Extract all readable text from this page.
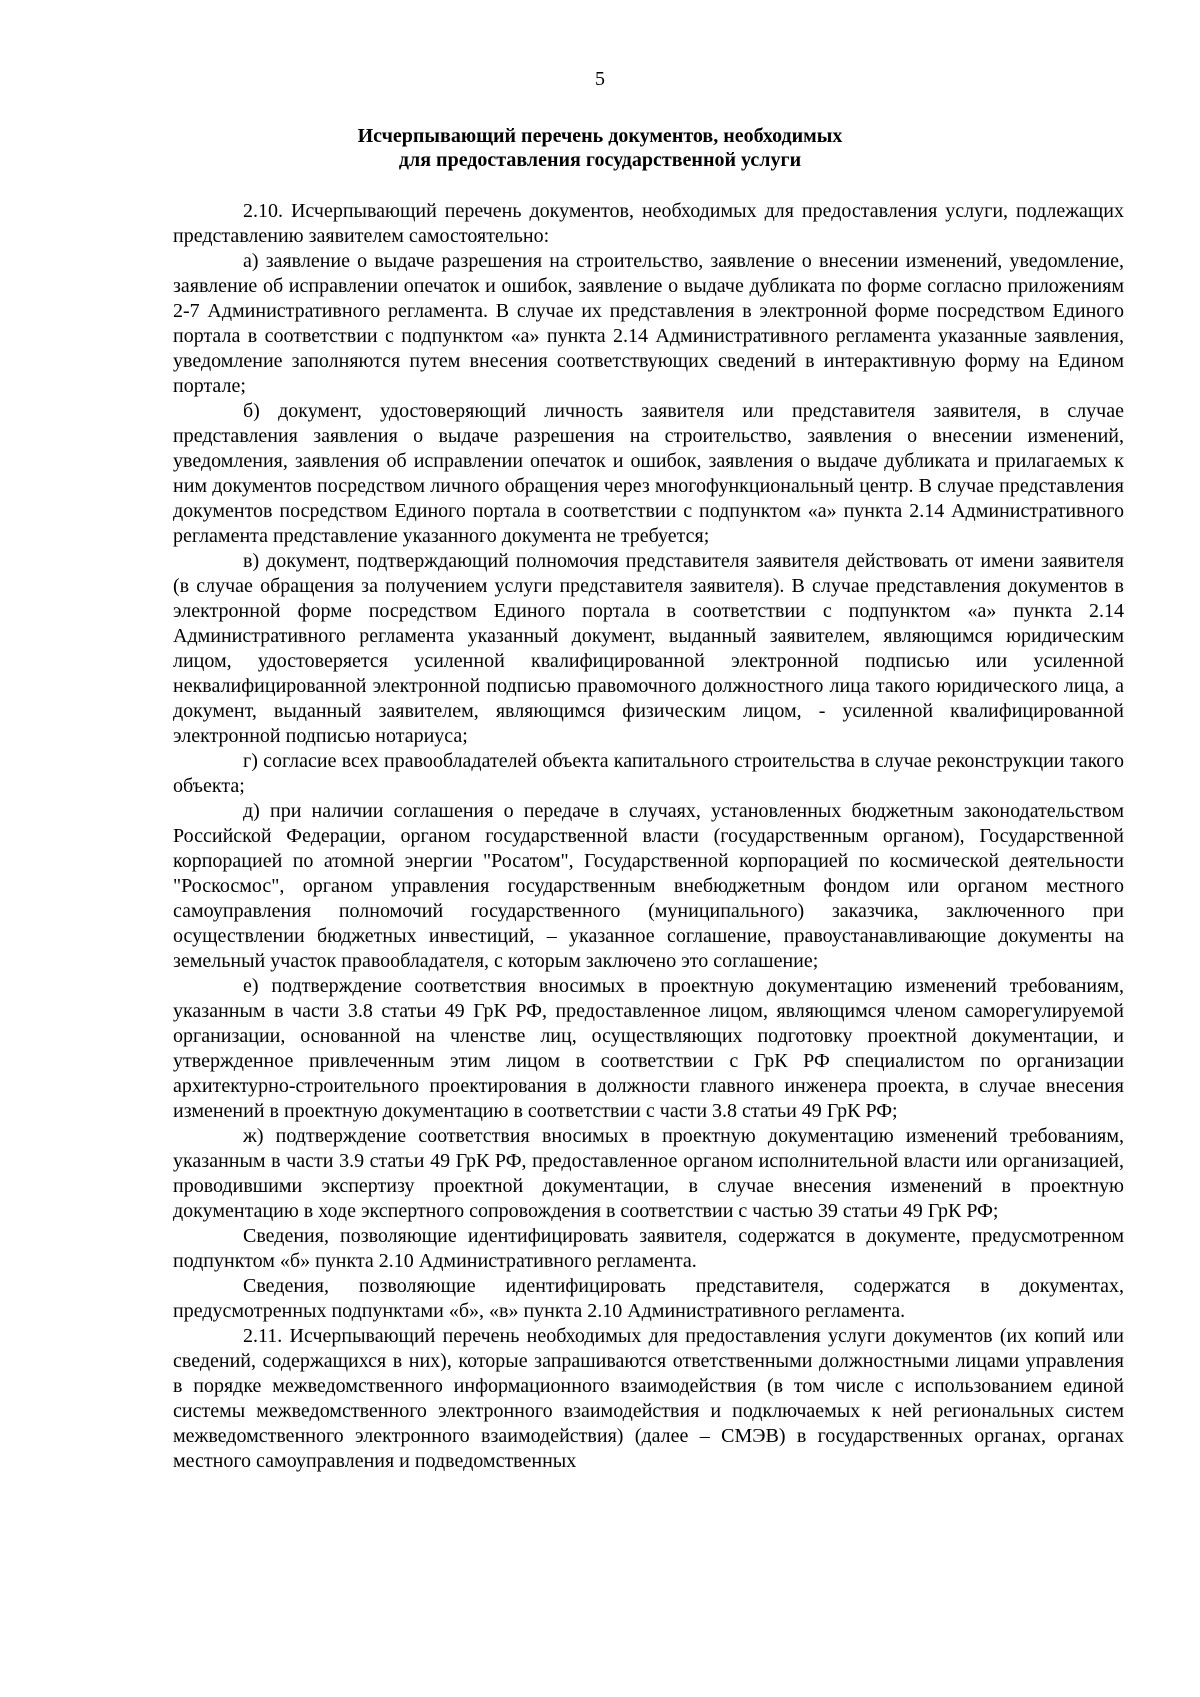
5
Исчерпывающий перечень документов, необходимых
для предоставления государственной услуги

2.10. Исчерпывающий перечень документов, необходимых для предоставления услуги, подлежащих представлению заявителем самостоятельно:

а) заявление о выдаче разрешения на строительство, заявление о внесении изменений, уведомление, заявление об исправлении опечаток и ошибок, заявление о выдаче дубликата по форме согласно приложениям 2-7 Административного регламента. В случае их представления в электронной форме посредством Единого портала в соответствии с подпунктом «а» пункта 2.14 Административного регламента указанные заявления, уведомление заполняются путем внесения соответствующих сведений в интерактивную форму на Едином портале;

б) документ, удостоверяющий личность заявителя или представителя заявителя, в случае представления заявления о выдаче разрешения на строительство, заявления о внесении изменений, уведомления, заявления об исправлении опечаток и ошибок, заявления о выдаче дубликата и прилагаемых к ним документов посредством личного обращения через многофункциональный центр. В случае представления документов посредством Единого портала в соответствии с подпунктом «а» пункта 2.14 Административного регламента представление указанного документа не требуется;

в) документ, подтверждающий полномочия представителя заявителя действовать от имени заявителя (в случае обращения за получением услуги представителя заявителя). В случае представления документов в электронной форме посредством Единого портала в соответствии с подпунктом «а» пункта 2.14 Административного регламента указанный документ, выданный заявителем, являющимся юридическим лицом, удостоверяется усиленной квалифицированной электронной подписью или усиленной неквалифицированной электронной подписью правомочного должностного лица такого юридического лица, а документ, выданный заявителем, являющимся физическим лицом, - усиленной квалифицированной электронной подписью нотариуса;

г) согласие всех правообладателей объекта капитального строительства в случае реконструкции такого объекта;

д) при наличии соглашения о передаче в случаях, установленных бюджетным законодательством Российской Федерации, органом государственной власти (государственным органом), Государственной корпорацией по атомной энергии "Росатом", Государственной корпорацией по космической деятельности "Роскосмос", органом управления государственным внебюджетным фондом или органом местного самоуправления полномочий государственного (муниципального) заказчика, заключенного при осуществлении бюджетных инвестиций, – указанное соглашение, правоустанавливающие документы на земельный участок правообладателя, с которым заключено это соглашение;

е) подтверждение соответствия вносимых в проектную документацию изменений требованиям, указанным в части 3.8 статьи 49 ГрК РФ, предоставленное лицом, являющимся членом саморегулируемой организации, основанной на членстве лиц, осуществляющих подготовку проектной документации, и утвержденное привлеченным этим лицом в соответствии с ГрК РФ специалистом по организации архитектурно-строительного проектирования в должности главного инженера проекта, в случае внесения изменений в проектную документацию в соответствии с части 3.8 статьи 49 ГрК РФ;

ж) подтверждение соответствия вносимых в проектную документацию изменений требованиям, указанным в части 3.9 статьи 49 ГрК РФ, предоставленное органом исполнительной власти или организацией, проводившими экспертизу проектной документации, в случае внесения изменений в проектную документацию в ходе экспертного сопровождения в соответствии с частью 39 статьи 49 ГрК РФ;

Сведения, позволяющие идентифицировать заявителя, содержатся в документе, предусмотренном подпунктом «б» пункта 2.10 Административного регламента.

Сведения, позволяющие идентифицировать представителя, содержатся в документах, предусмотренных подпунктами «б», «в» пункта 2.10 Административного регламента.

2.11. Исчерпывающий перечень необходимых для предоставления услуги документов (их копий или сведений, содержащихся в них), которые запрашиваются ответственными должностными лицами управления в порядке межведомственного информационного взаимодействия (в том числе с использованием единой системы межведомственного электронного взаимодействия и подключаемых к ней региональных систем межведомственного электронного взаимодействия) (далее – СМЭВ) в государственных органах, органах местного самоуправления и подведомственных
